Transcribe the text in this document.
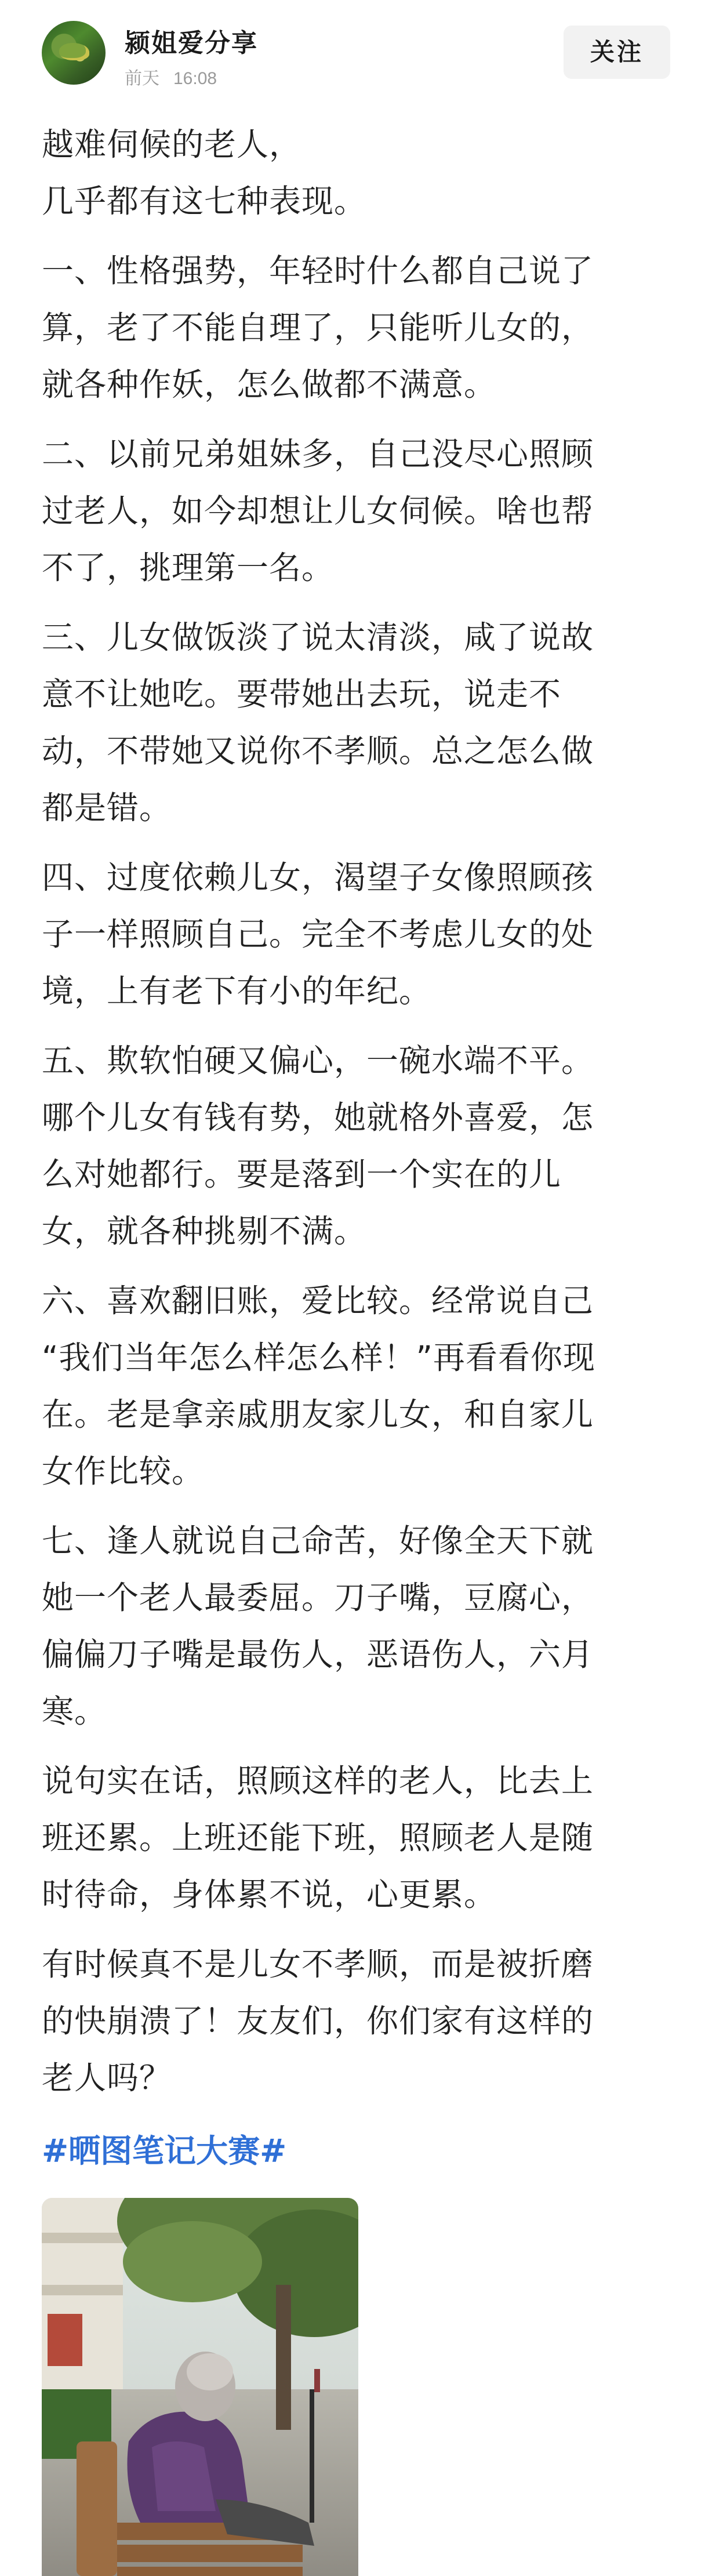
颍姐爱分享
前天 16:08
关注
越难伺候的老人，
几乎都有这七种表现。
一、性格强势，年轻时什么都自己说了
算，老了不能自理了，只能听儿女的，
就各种作妖，怎么做都不满意。
二、以前兄弟姐妹多，自己没尽心照顾
过老人，如今却想让儿女伺候。啥也帮
不了，挑理第一名。
三、儿女做饭淡了说太清淡，咸了说故
意不让她吃。要带她出去玩，说走不
动，不带她又说你不孝顺。总之怎么做
都是错。
四、过度依赖儿女，渴望子女像照顾孩
子一样照顾自己。完全不考虑儿女的处
境，上有老下有小的年纪。
五、欺软怕硬又偏心，一碗水端不平。
哪个儿女有钱有势，她就格外喜爱，怎
么对她都行。要是落到一个实在的儿
女，就各种挑剔不满。
六、喜欢翻旧账，爱比较。经常说自己
“我们当年怎么样怎么样！”再看看你现
在。老是拿亲戚朋友家儿女，和自家儿
女作比较。
七、逢人就说自己命苦，好像全天下就
她一个老人最委屈。刀子嘴，豆腐心，
偏偏刀子嘴是最伤人，恶语伤人，六月
寒。
说句实在话，照顾这样的老人，比去上
班还累。上班还能下班，照顾老人是随
时待命，身体累不说，心更累。
有时候真不是儿女不孝顺，而是被折磨
的快崩溃了！友友们，你们家有这样的
老人吗？
#晒图笔记大赛#
